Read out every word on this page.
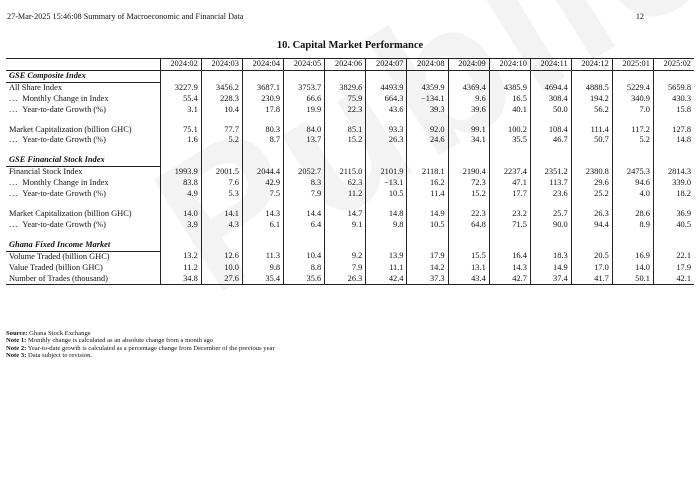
27-Mar-2025 15:46:08 Summary of Macroeconomic and Financial Data	12
10. Capital Market Performance
	2024:02	2024:03	2024:04	2024:05	2024:06	2024:07	2024:08	2024:09	2024:10	2024:11	2024:12	2025:01	2025:02
GSE Composite Index													
All Share Index	3227.9	3456.2	3687.1	3753.7	3829.6	4493.9	4359.9	4369.4	4385.9	4694.4	4888.5	5229.4	5659.8
... Monthly Change in Index	55.4	228.3	230.9	66.6	75.9	664.3	−134.1	9.6	16.5	308.4	194.2	340.9	430.3
... Year-to-date Growth (%)	3.1	10.4	17.8	19.9	22.3	43.6	39.3	39.6	40.1	50.0	56.2	7.0	15.8

Market Capitalization (billion GHC)	75.1	77.7	80.3	84.0	85.1	93.3	92.0	99.1	100.2	108.4	111.4	117.2	127.8
... Year-to-date Growth (%)	1.6	5.2	8.7	13.7	15.2	26.3	24.6	34.1	35.5	46.7	50.7	5.2	14.8

GSE Financial Stock Index													
Financial Stock Index	1993.9	2001.5	2044.4	2052.7	2115.0	2101.9	2118.1	2190.4	2237.4	2351.2	2380.8	2475.3	2814.3
... Monthly Change in Index	83.8	7.6	42.9	8.3	62.3	−13.1	16.2	72.3	47.1	113.7	29.6	94.6	339.0
... Year-to-date Growth (%)	4.9	5.3	7.5	7.9	11.2	10.5	11.4	15.2	17.7	23.6	25.2	4.0	18.2

Market Capitalization (billion GHC)	14.0	14.1	14.3	14.4	14.7	14.8	14.9	22.3	23.2	25.7	26.3	28.6	36.9
... Year-to-date Growth (%)	3.9	4.3	6.1	6.4	9.1	9.8	10.5	64.8	71.5	90.0	94.4	8.9	40.5

Ghana Fixed Income Market													
Volume Traded (billion GHC)	13.2	12.6	11.3	10.4	9.2	13.9	17.9	15.5	16.4	18.3	20.5	16.9	22.1
Value Traded (billion GHC)	11.2	10.0	9.8	8.8	7.9	11.1	14.2	13.1	14.3	14.9	17.0	14.0	17.9
Number of Trades (thousand)	34.8	27.6	35.4	35.6	26.3	42.4	37.3	43.4	42.7	37.4	41.7	50.1	42.1
Source: Ghana Stock Exchange
Note 1: Monthly change is calculated as an absolute change from a month ago
Note 2: Year-to-date growth is calculated as a percentage change from December of the previous year
Note 3: Data subject to revision.
